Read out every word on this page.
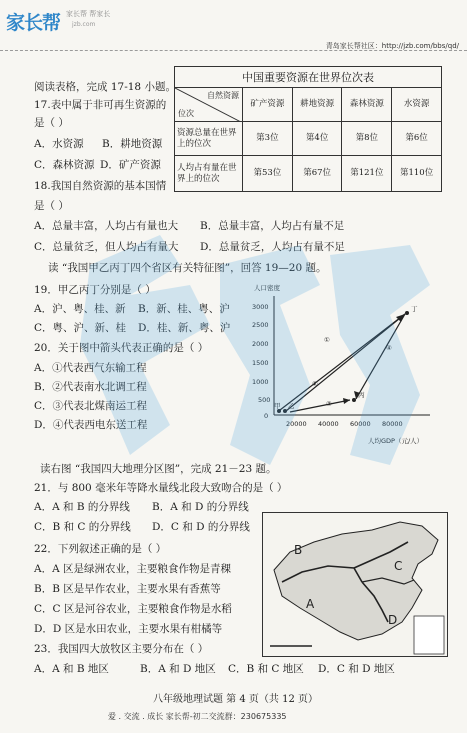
家长帮 家长帮 帮家长
jzb.com
青岛家长帮社区：http://jzb.com/bbs/qd/
阅读表格，完成 17-18 小题。
17.表中属于非可再生资源的
是（ ）
A．水资源 B．耕地资源
C．森林资源 D．矿产资源
18.我国自然资源的基本国情
是（ ）
A．总量丰富，人均占有量也大 B．总量丰富，人均占有量不足
C．总量贫乏，但人均占有量大 D．总量贫乏，人均占有量不足
中国重要资源在世界位次表				

自然资源
位次	矿产资源	耕地资源	森林资源	水资源
资源总量在世界上的位次	第3位	第4位	第8位	第6位
人均占有量在世界上的位次	第53位	第67位	第121位	第110位
读 “我国甲乙丙丁四个省区有关特征图”，回答 19—20 题。
19．甲乙丙丁分别是（ ）
A．沪、粤、桂、新 B．新、桂、粤、沪
C．粤、沪、新、桂 D．桂、新、粤、沪
20．关于图中箭头代表正确的是（ ）
A．①代表西气东输工程
B．②代表南水北调工程
C．③代表北煤南运工程
D．④代表西电东送工程
人口密度
3000
2500
2000
1500
1000
500
0
20000 40000 60000 80000
人均GDP（元/人）
甲 乙
丙
丁
①
②
③
④
读右图 “我国四大地理分区图”，完成 21－23 题。
21．与 800 毫米年等降水量线北段大致吻合的是（ ）
A．A 和 B 的分界线 B．A 和 D 的分界线
C．B 和 C 的分界线 D．C 和 D 的分界线
22．下列叙述正确的是（ ）
A．A 区是绿洲农业，主要粮食作物是青稞
B．B 区是旱作农业，主要水果有香蕉等
C．C 区是河谷农业，主要粮食作物是水稻
D．D 区是水田农业，主要水果有柑橘等
23．我国四大放牧区主要分布在（ ）
A．A 和 B 地区	B．A 和 D 地区 C．B 和 C 地区 D．C 和 D 地区
B
C
A
D
八年级地理试题 第 4 页（共 12 页）
爱 . 交流 . 成长 家长帮-初二交流群：230675335
